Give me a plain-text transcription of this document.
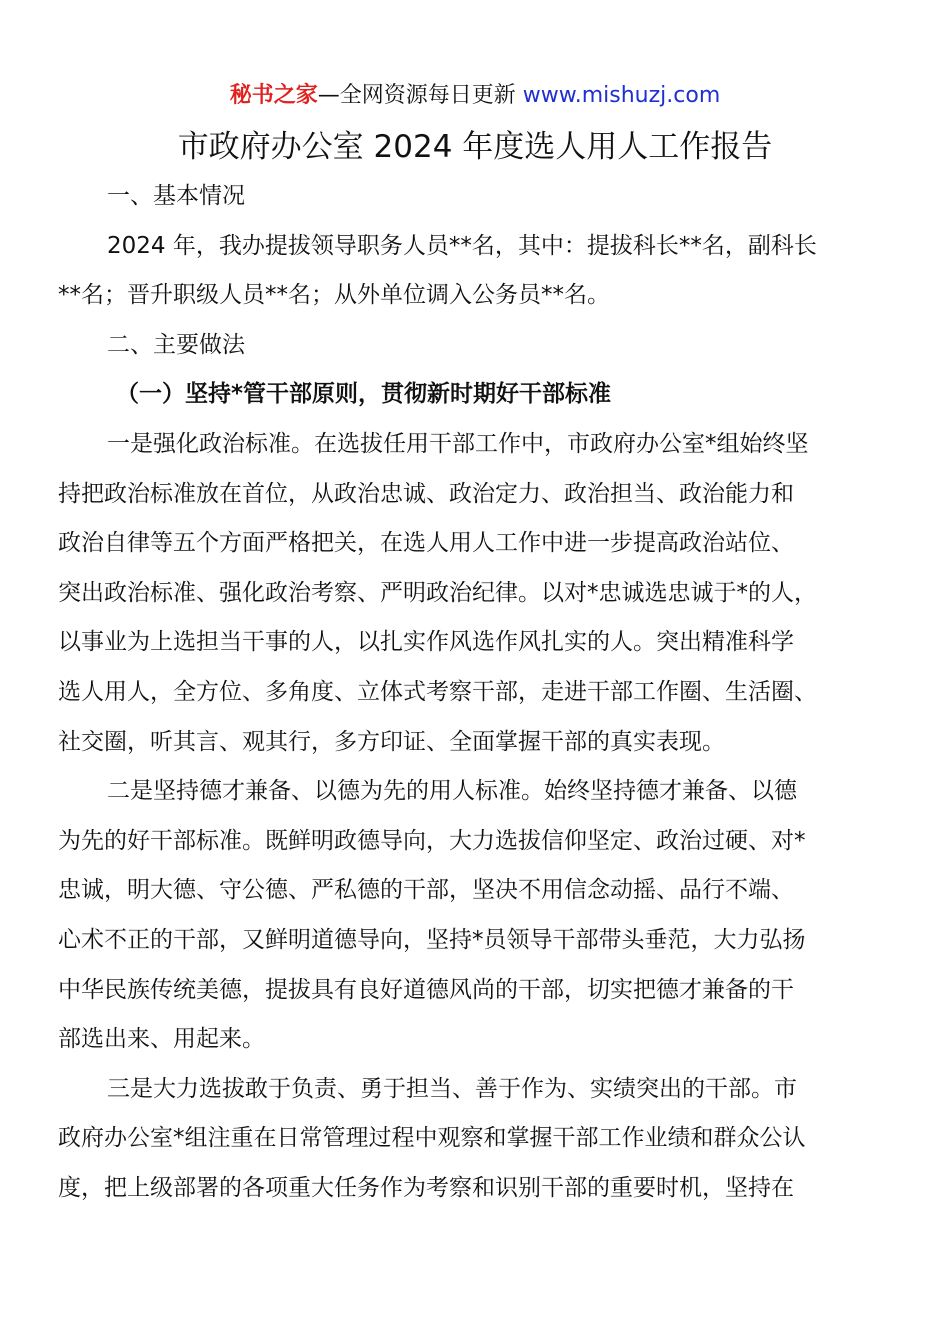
秘书之家—全网资源每日更新 www.mishuzj.com
市政府办公室 2024 年度选人用人工作报告
一、基本情况
2024 年，我办提拔领导职务人员**名，其中：提拔科长**名，副科长
**名；晋升职级人员**名；从外单位调入公务员**名。
二、主要做法
（一）坚持*管干部原则，贯彻新时期好干部标准
一是强化政治标准。在选拔任用干部工作中，市政府办公室*组始终坚
持把政治标准放在首位，从政治忠诚、政治定力、政治担当、政治能力和
政治自律等五个方面严格把关，在选人用人工作中进一步提高政治站位、
突出政治标准、强化政治考察、严明政治纪律。以对*忠诚选忠诚于*的人，
以事业为上选担当干事的人，以扎实作风选作风扎实的人。突出精准科学
选人用人，全方位、多角度、立体式考察干部，走进干部工作圈、生活圈、
社交圈，听其言、观其行，多方印证、全面掌握干部的真实表现。
二是坚持德才兼备、以德为先的用人标准。始终坚持德才兼备、以德
为先的好干部标准。既鲜明政德导向，大力选拔信仰坚定、政治过硬、对*
忠诚，明大德、守公德、严私德的干部，坚决不用信念动摇、品行不端、
心术不正的干部，又鲜明道德导向，坚持*员领导干部带头垂范，大力弘扬
中华民族传统美德，提拔具有良好道德风尚的干部，切实把德才兼备的干
部选出来、用起来。
三是大力选拔敢于负责、勇于担当、善于作为、实绩突出的干部。市
政府办公室*组注重在日常管理过程中观察和掌握干部工作业绩和群众公认
度，把上级部署的各项重大任务作为考察和识别干部的重要时机，坚持在
